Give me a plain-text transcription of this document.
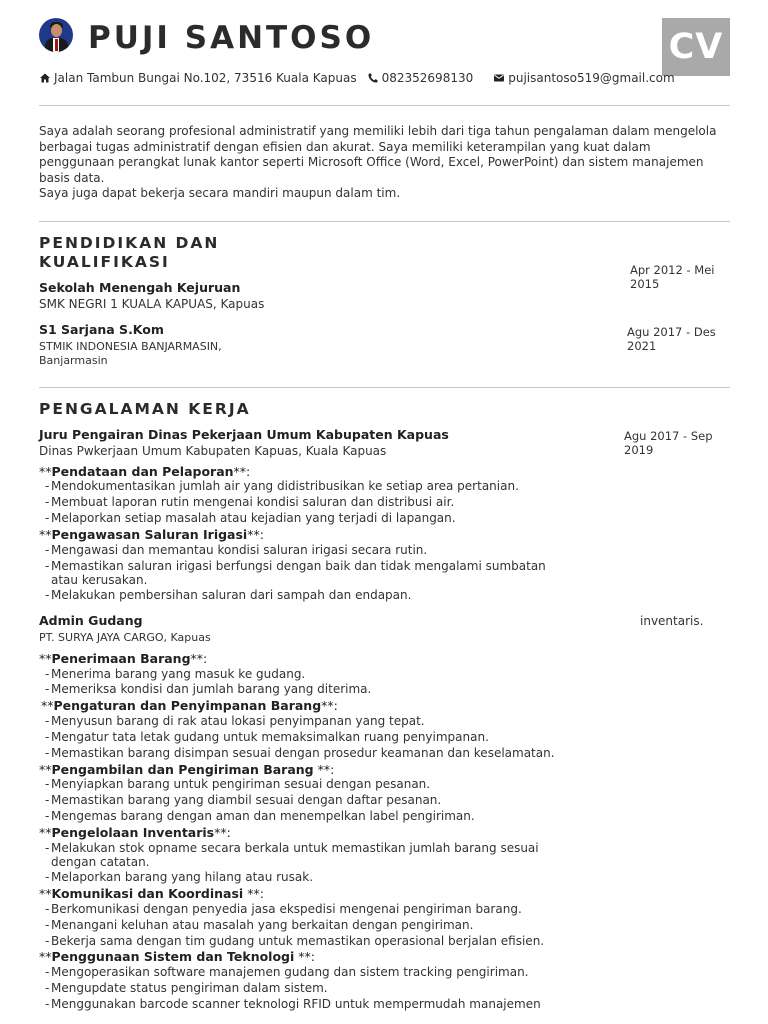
PUJI SANTOSO	CV
Jalan Tambun Bungai No.102, 73516 Kuala Kapuas 082352698130	pujisantoso519@gmail.com

Saya adalah seorang profesional administratif yang memiliki lebih dari tiga tahun pengalaman dalam mengelola berbagai tugas administratif dengan efisien dan akurat. Saya memiliki keterampilan yang kuat dalam penggunaan perangkat lunak kantor seperti Microsoft Office (Word, Excel, PowerPoint) dan sistem manajemen basis data.

Saya juga dapat bekerja secara mandiri maupun dalam tim.

PENDIDIKAN DAN KUALIFIKASI
Sekolah Menengah Kejuruan
SMK NEGRI 1 KUALA KAPUAS, Kapuas
Apr 2012 - Mei 2015
S1 Sarjana S.Kom
STMIK INDONESIA BANJARMASIN, Banjarmasin
Agu 2017 - Des 2021
PENGALAMAN KERJA
Juru Pengairan Dinas Pekerjaan Umum Kabupaten Kapuas
Dinas Pwkerjaan Umum Kabupaten Kapuas, Kuala Kapuas
Agu 2017 - Sep 2019
**Pendataan dan Pelaporan**:
- Mendokumentasikan jumlah air yang didistribusikan ke setiap area pertanian.
- Membuat laporan rutin mengenai kondisi saluran dan distribusi air.
- Melaporkan setiap masalah atau kejadian yang terjadi di lapangan.
**Pengawasan Saluran Irigasi**:
- Mengawasi dan memantau kondisi saluran irigasi secara rutin.
- Memastikan saluran irigasi berfungsi dengan baik dan tidak mengalami sumbatan atau kerusakan.
- Melakukan pembersihan saluran dari sampah dan endapan.
Admin Gudang
PT. SURYA JAYA CARGO, Kapuas
inventaris.
**Penerimaan Barang**:
- Menerima barang yang masuk ke gudang.
- Memeriksa kondisi dan jumlah barang yang diterima.
**Pengaturan dan Penyimpanan Barang**:
- Menyusun barang di rak atau lokasi penyimpanan yang tepat.
- Mengatur tata letak gudang untuk memaksimalkan ruang penyimpanan.
- Memastikan barang disimpan sesuai dengan prosedur keamanan dan keselamatan.
**Pengambilan dan Pengiriman Barang **:
- Menyiapkan barang untuk pengiriman sesuai dengan pesanan.
- Memastikan barang yang diambil sesuai dengan daftar pesanan.
- Mengemas barang dengan aman dan menempelkan label pengiriman.
**Pengelolaan Inventaris**:
- Melakukan stok opname secara berkala untuk memastikan jumlah barang sesuai dengan catatan.
- Melaporkan barang yang hilang atau rusak.
**Komunikasi dan Koordinasi **:
- Berkomunikasi dengan penyedia jasa ekspedisi mengenai pengiriman barang.
- Menangani keluhan atau masalah yang berkaitan dengan pengiriman.
- Bekerja sama dengan tim gudang untuk memastikan operasional berjalan efisien.
**Penggunaan Sistem dan Teknologi **:
- Mengoperasikan software manajemen gudang dan sistem tracking pengiriman.
- Mengupdate status pengiriman dalam sistem.
- Menggunakan barcode scanner teknologi RFID untuk mempermudah manajemen
